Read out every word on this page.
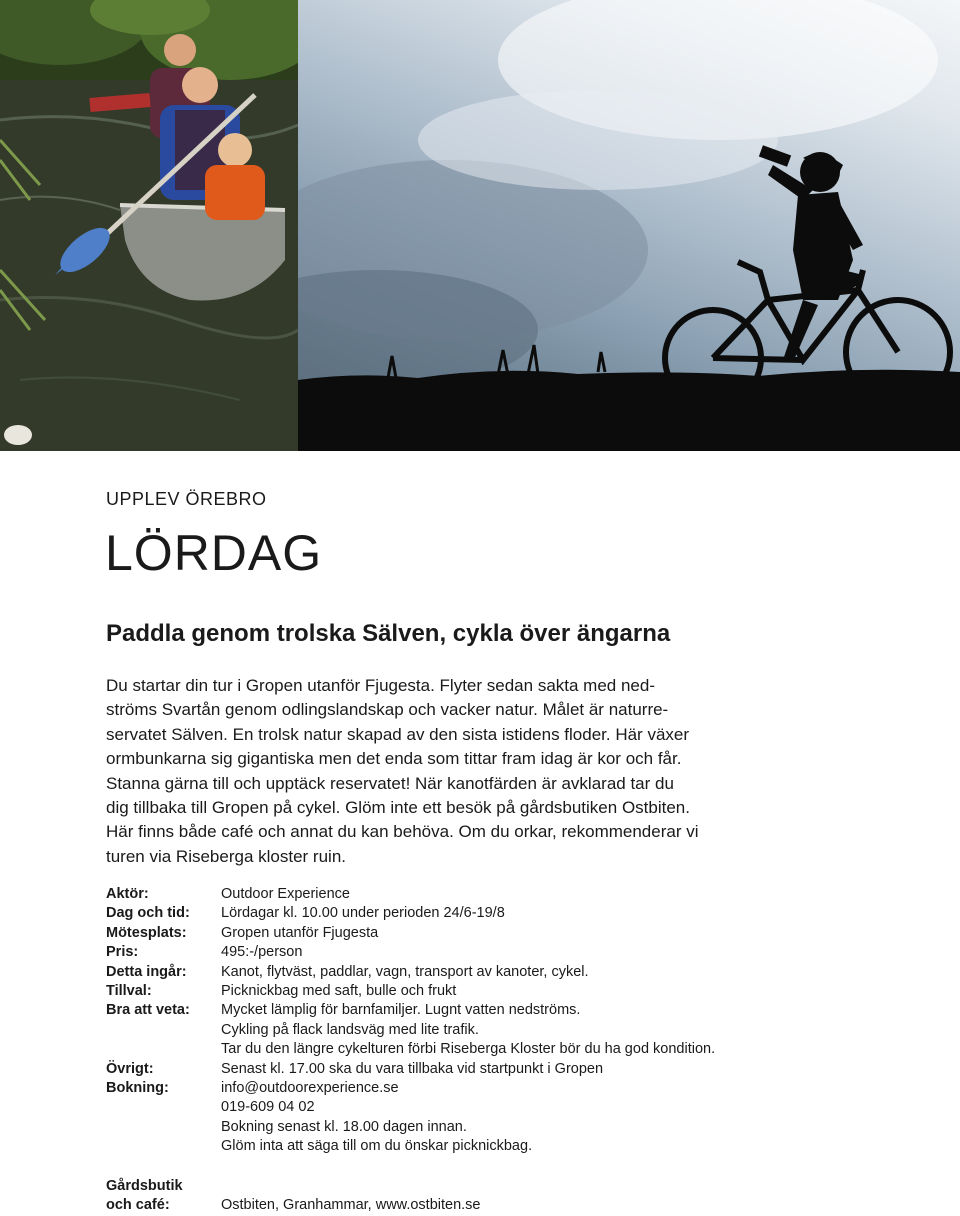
UPPLEV ÖREBRO
LÖRDAG
Paddla genom trolska Sälven, cykla över ängarna

Du startar din tur i Gropen utanför Fjugesta. Flyter sedan sakta med ned-
ströms Svartån genom odlingslandskap och vacker natur. Målet är naturre-
servatet Sälven. En trolsk natur skapad av den sista istidens floder. Här växer
ormbunkarna sig gigantiska men det enda som tittar fram idag är kor och får.
Stanna gärna till och upptäck reservatet! När kanotfärden är avklarad tar du
dig tillbaka till Gropen på cykel. Glöm inte ett besök på gårdsbutiken Ostbiten.
Här finns både café och annat du kan behöva. Om du orkar, rekommenderar vi
turen via Riseberga kloster ruin.

Aktör:	Outdoor Experience
Dag och tid:	Lördagar kl. 10.00 under perioden 24/6-19/8
Mötesplats:	Gropen utanför Fjugesta
Pris:	495:-/person
Detta ingår:	Kanot, flytväst, paddlar, vagn, transport av kanoter, cykel.
Tillval:	Picknickbag med saft, bulle och frukt
Bra att veta:	Mycket lämplig för barnfamiljer. Lugnt vatten nedströms.
Cykling på flack landsväg med lite trafik.
Tar du den längre cykelturen förbi Riseberga Kloster bör du ha god kondition.
Övrigt:	Senast kl. 17.00 ska du vara tillbaka vid startpunkt i Gropen
Bokning:	info@outdoorexperience.se
019-609 04 02
Bokning senast kl. 18.00 dagen innan.
Glöm inta att säga till om du önskar picknickbag.
Gårdsbutik
och café:	Ostbiten, Granhammar, www.ostbiten.se
